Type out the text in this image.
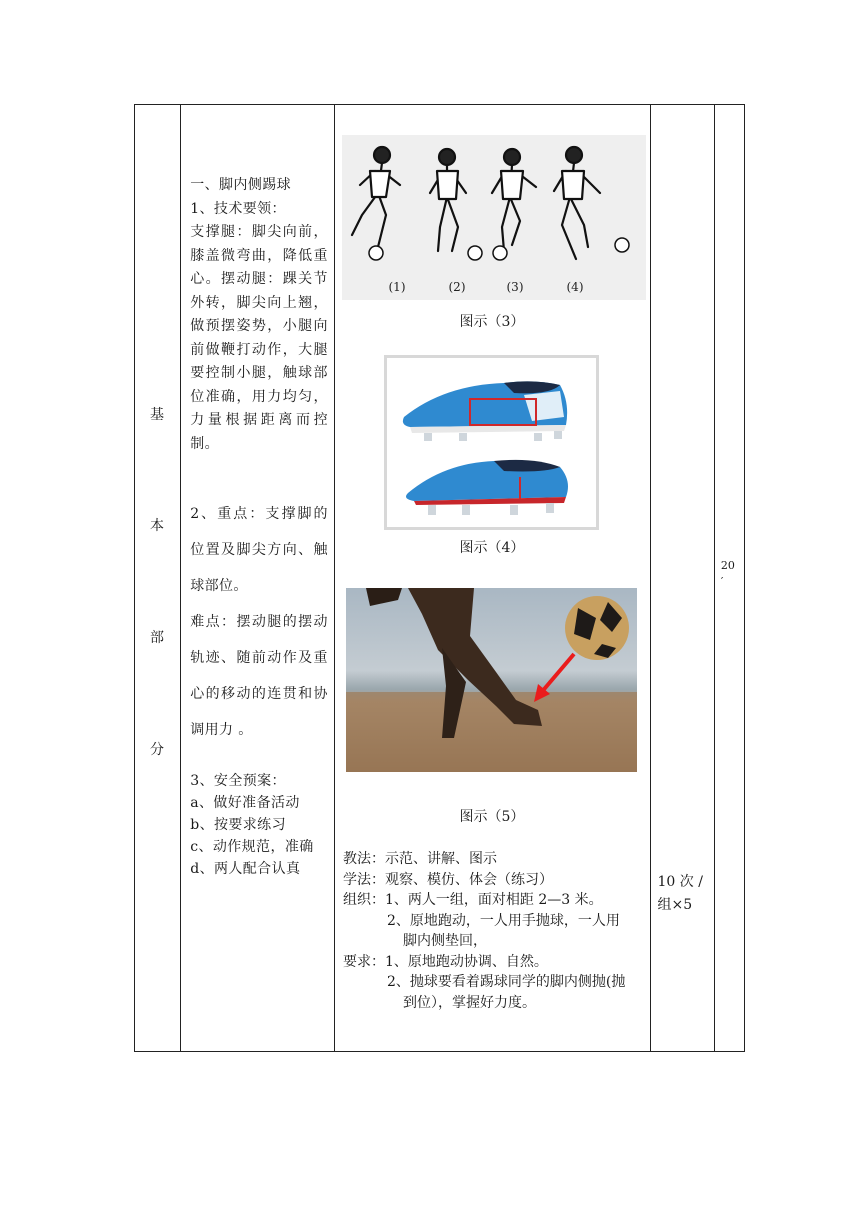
基
本
部
分

一、脚内侧踢球

1、技术要领：

支撑腿：脚尖向前，膝盖微弯曲，降低重心。摆动腿：踝关节外转，脚尖向上翘，做预摆姿势，小腿向前做鞭打动作，大腿要控制小腿，触球部位准确，用力均匀，力量根据距离而控制。

2、重点：支撑脚的位置及脚尖方向、触球部位。

难点：摆动腿的摆动轨迹、随前动作及重心的移动的连贯和协调用力 。

3、安全预案：

a、做好准备活动

b、按要求练习

c、动作规范，准确

d、两人配合认真

(1)	(2)	(3)	(4)
图示（3）
图示（4）
图示（5）
教法：示范、讲解、图示
学法：观察、模仿、体会（练习）
组织：1、两人一组，面对相距 2—3 米。
2、原地跑动，一人用手抛球，一人用
脚内侧垫回，
要求：1、原地跑动协调、自然。
2、抛球要看着踢球同学的脚内侧抛(抛
到位），掌握好力度。

10 次 /
组×5

20
′
